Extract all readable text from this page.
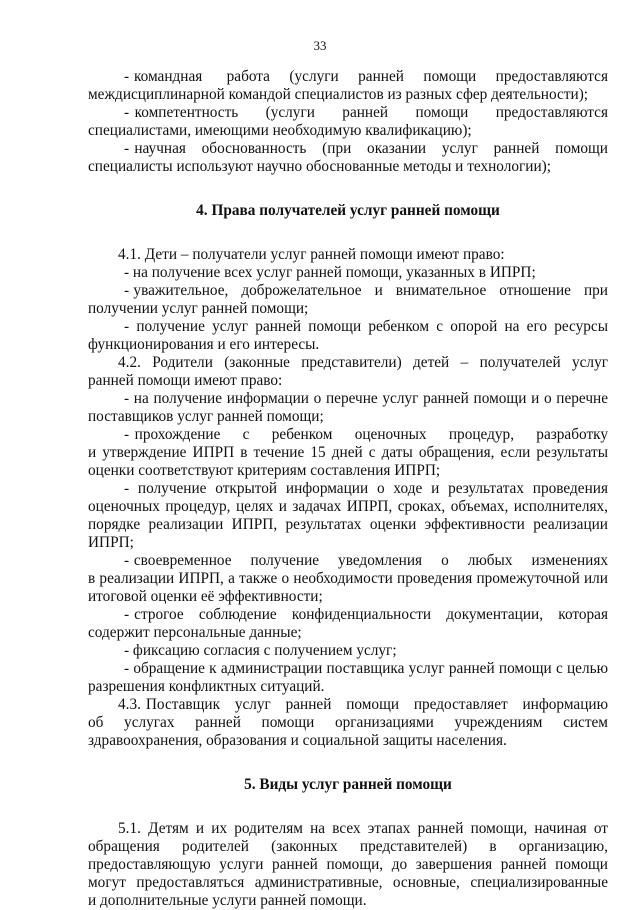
33
- командная     работа    (услуги    ранней    помощи    предоставляются
междисциплинарной командой специалистов из разных сфер деятельности);
- компетентность     (услуги     ранней     помощи     предоставляются
специалистами, имеющими необходимую квалификацию);
- научная   обоснованность   (при   оказании   услуг   ранней   помощи
специалисты используют научно обоснованные методы и технологии);
4. Права получателей услуг ранней помощи
4.1. Дети – получатели услуг ранней помощи имеют право:
- на получение всех услуг ранней помощи, указанных в ИПРП;
- уважительное,   доброжелательное   и   внимательное   отношение   при
получении услуг ранней помощи;
- получение услуг ранней помощи ребенком с опорой на его ресурсы
функционирования и его интересы.
4.2. Родители (законные представители) детей – получателей услуг
ранней помощи имеют право:
- на получение информации о перечне услуг ранней помощи и о перечне
поставщиков услуг ранней помощи;
- прохождение    с    ребенком    оценочных    процедур,    разработку
и утверждение ИПРП в течение 15 дней с даты обращения, если результаты
оценки соответствуют критериям составления ИПРП;
- получение открытой информации о ходе и результатах проведения
оценочных процедур, целях и задачах ИПРП, сроках, объемах, исполнителях,
порядке  реализации  ИПРП,  результатах  оценки  эффективности  реализации
ИПРП;
- своевременное    получение    уведомления    о    любых    изменениях
в реализации ИПРП, а также о необходимости проведения промежуточной или
итоговой оценки её эффективности;
- строгое   соблюдение   конфиденциальности   документации,   которая
содержит персональные данные;
- фиксацию согласия с получением услуг;
- обращение к администрации поставщика услуг ранней помощи с целью
разрешения конфликтных ситуаций.
4.3. Поставщик   услуг   ранней   помощи   предоставляет   информацию
об    услугах    ранней    помощи    организациями    учреждениям    систем
здравоохранения, образования и социальной защиты населения.
5. Виды услуг ранней помощи
5.1. Детям и их родителям на всех этапах ранней помощи, начиная от
обращения    родителей    (законных    представителей)    в    организацию,
предоставляющую услуги ранней помощи, до завершения ранней помощи
могут  предоставляться  административные,  основные,  специализированные
и дополнительные услуги ранней помощи.
